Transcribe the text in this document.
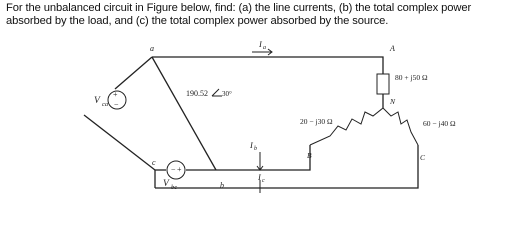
For the unbalanced circuit in Figure below, find: (a) the line currents, (b) the total complex power
absorbed by the load, and (c) the total complex power absorbed by the source.
+
−
V ca
− +
V bc
190.52 30°
a
b
c
I a
I b
I c
A
N
B	C
80 + j50 Ω
20 − j30 Ω	60 − j40 Ω
